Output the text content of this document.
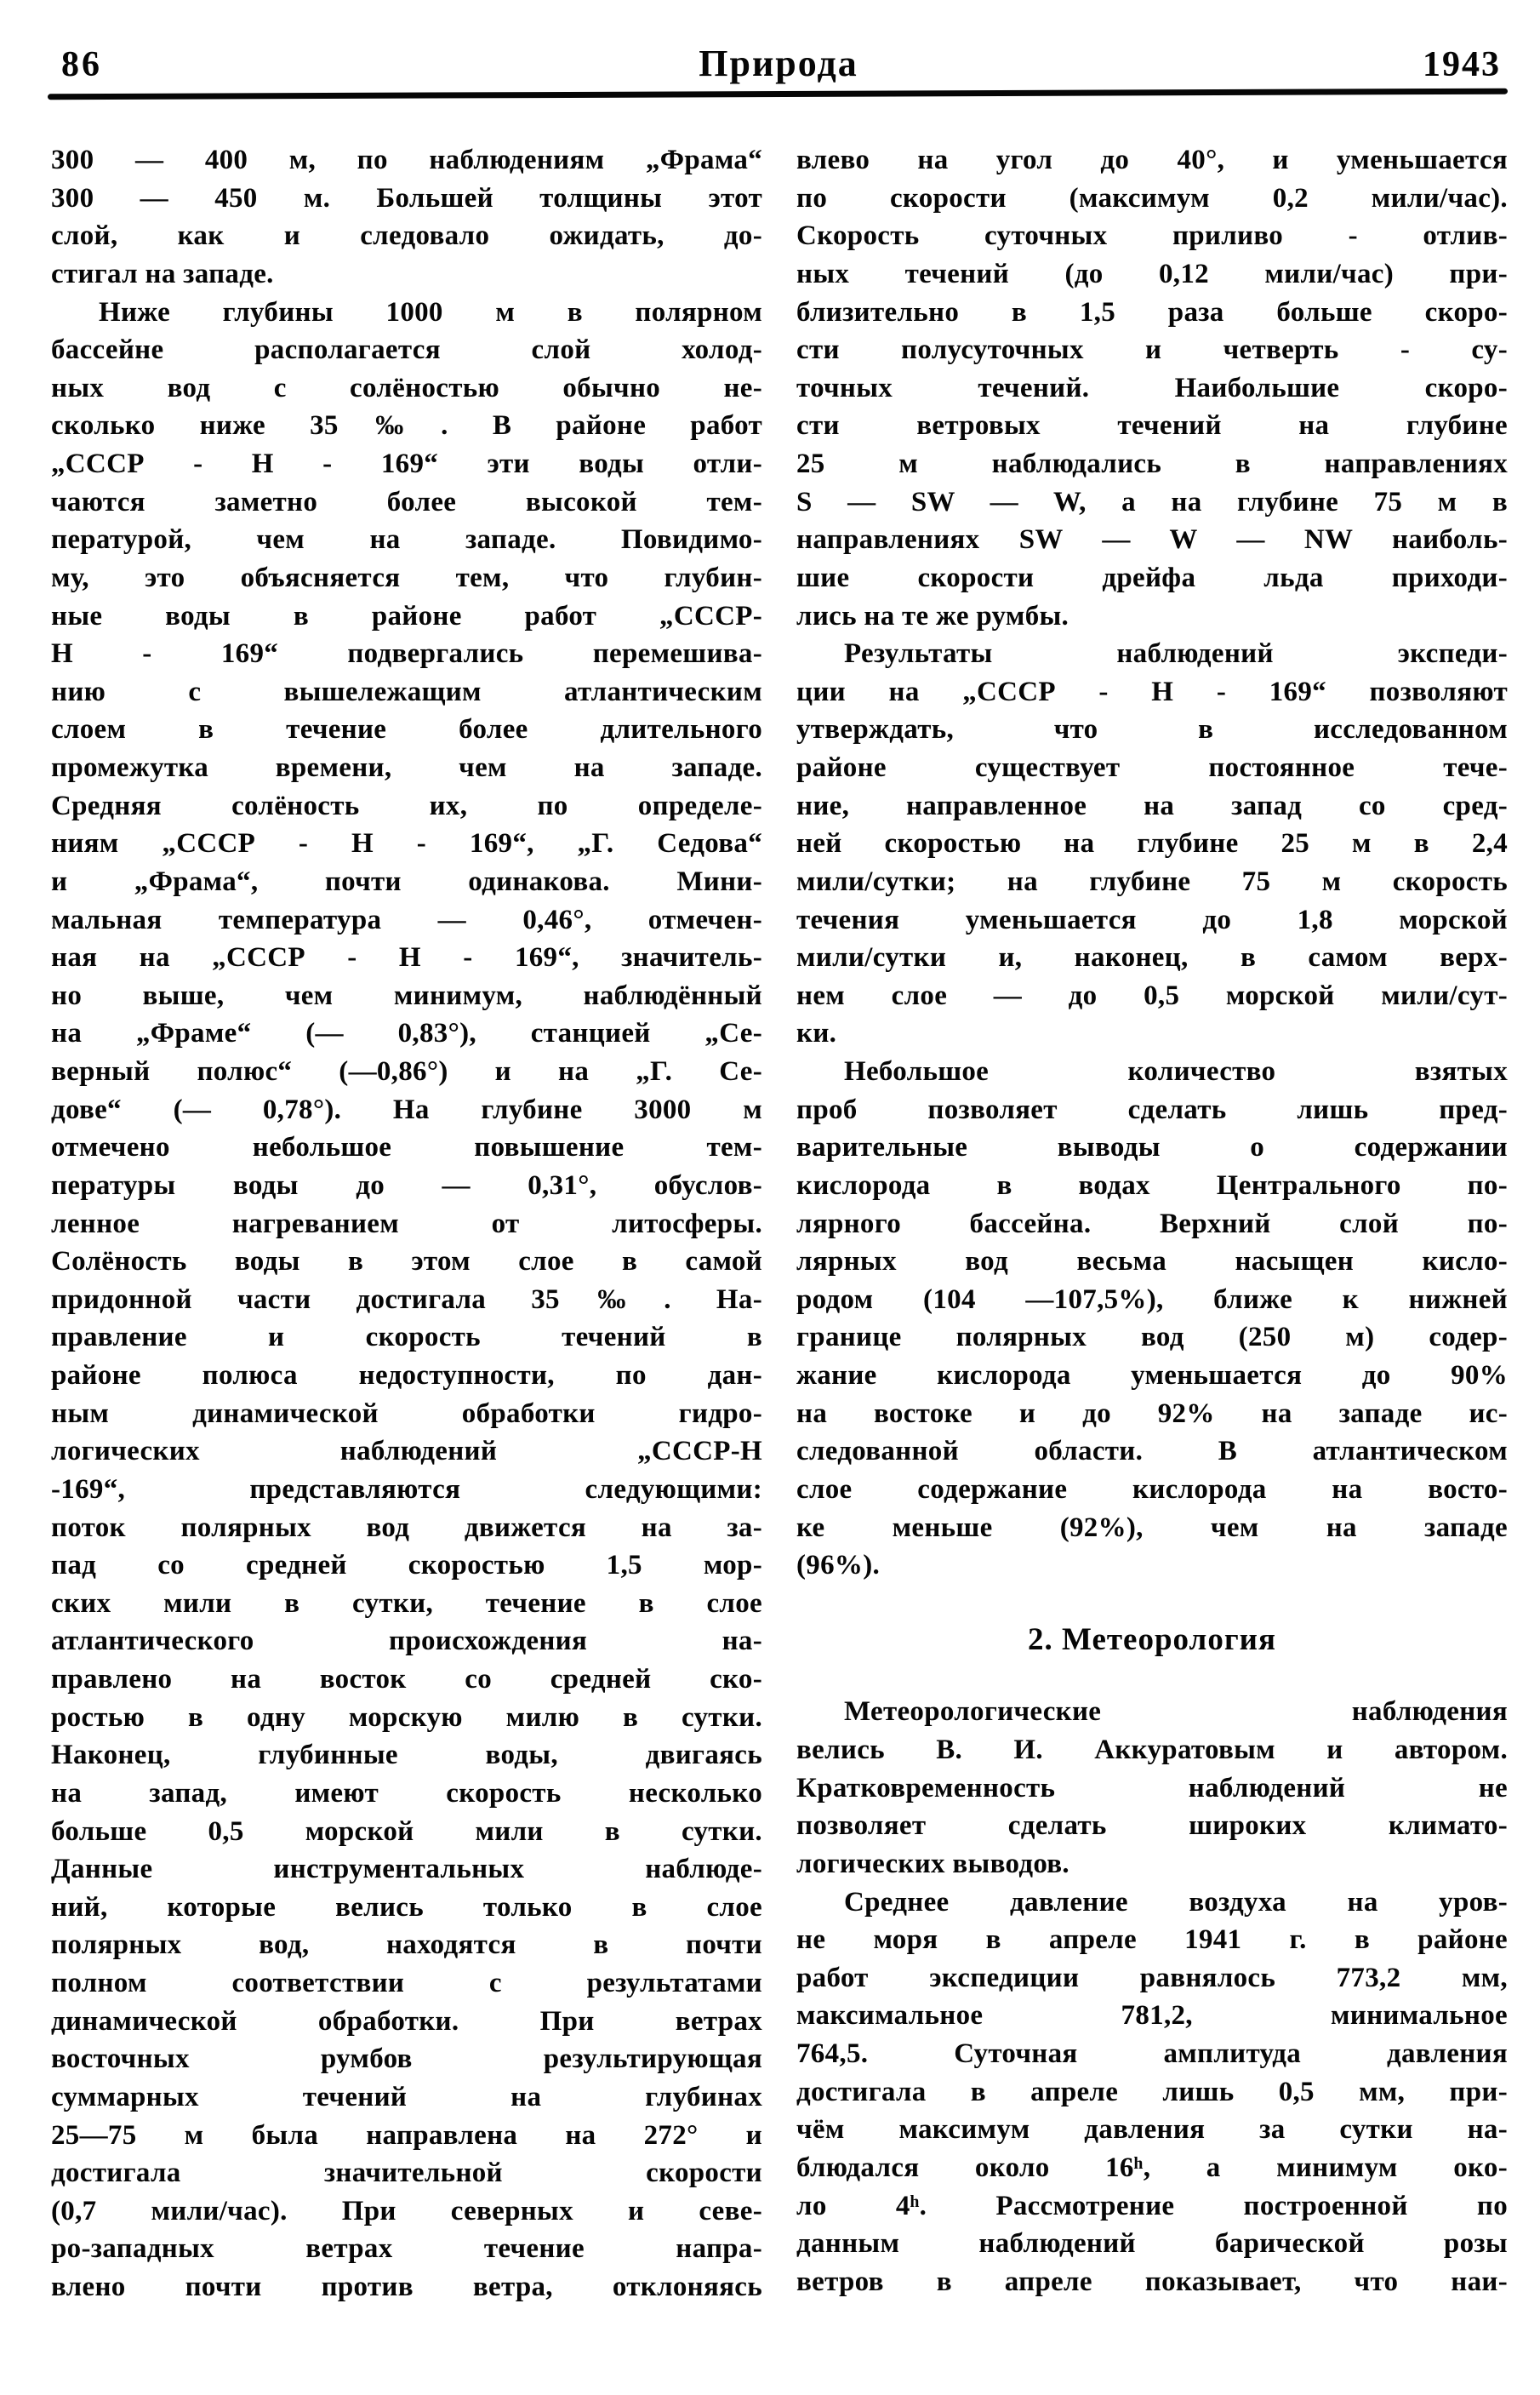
86	Природа	1943
300 — 400 м, по наблюдениям „Фрама“
300 — 450 м. Большей толщины этот
слой, как и следовало ожидать, до-
стигал на западе.
Ниже глубины 1000 м в полярном
бассейне располагается слой холод-
ных вод с солёностью обычно не-
сколько ниже 35‰. В районе работ
„СССР - Н - 169“ эти воды отли-
чаются заметно более высокой тем-
пературой, чем на западе. Повидимо-
му, это объясняется тем, что глубин-
ные воды в районе работ „СССР-
Н - 169“ подвергались перемешива-
нию с вышележащим атлантическим
слоем в течение более длительного
промежутка времени, чем на западе.
Средняя солёность их, по определе-
ниям „СССР - Н - 169“, „Г. Седова“
и „Фрама“, почти одинакова. Мини-
мальная температура — 0,46°, отмечен-
ная на „СССР - Н - 169“, значитель-
но выше, чем минимум, наблюдённый
на „Фраме“ (— 0,83°), станцией „Се-
верный полюс“ (—0,86°) и на „Г. Се-
дове“ (— 0,78°). На глубине 3000 м
отмечено небольшое повышение тем-
пературы воды до — 0,31°, обуслов-
ленное нагреванием от литосферы.
Солёность воды в этом слое в самой
придонной части достигала 35‰. На-
правление и скорость течений в
районе полюса недоступности, по дан-
ным динамической обработки гидро-
логических наблюдений „СССР-Н
-169“, представляются следующими:
поток полярных вод движется на за-
пад со средней скоростью 1,5 мор-
ских мили в сутки, течение в слое
атлантического происхождения на-
правлено на восток со средней ско-
ростью в одну морскую милю в сутки.
Наконец, глубинные воды, двигаясь
на запад, имеют скорость несколько
больше 0,5 морской мили в сутки.
Данные инструментальных наблюде-
ний, которые велись только в слое
полярных вод, находятся в почти
полном соответствии с результатами
динамической обработки. При ветрах
восточных румбов результирующая
суммарных течений на глубинах
25—75 м была направлена на 272° и
достигала значительной скорости
(0,7 мили/час). При северных и севе-
ро-западных ветрах течение напра-
влено почти против ветра, отклоняясь
влево на угол до 40°, и уменьшается
по скорости (максимум 0,2 мили/час).
Скорость суточных приливо - отлив-
ных течений (до 0,12 мили/час) при-
близительно в 1,5 раза больше скоро-
сти полусуточных и четверть - су-
точных течений. Наибольшие скоро-
сти ветровых течений на глубине
25 м наблюдались в направлениях
S — SW — W, а на глубине 75 м в
направлениях SW — W — NW наиболь-
шие скорости дрейфа льда приходи-
лись на те же румбы.
Результаты наблюдений экспеди-
ции на „СССР - Н - 169“ позволяют
утверждать, что в исследованном
районе существует постоянное тече-
ние, направленное на запад со сред-
ней скоростью на глубине 25 м в 2,4
мили/сутки; на глубине 75 м скорость
течения уменьшается до 1,8 морской
мили/сутки и, наконец, в самом верх-
нем слое — до 0,5 морской мили/сут-
ки.
Небольшое количество взятых
проб позволяет сделать лишь пред-
варительные выводы о содержании
кислорода в водах Центрального по-
лярного бассейна. Верхний слой по-
лярных вод весьма насыщен кисло-
родом (104 —107,5%), ближе к нижней
границе полярных вод (250 м) содер-
жание кислорода уменьшается до 90%
на востоке и до 92% на западе ис-
следованной области. В атлантическом
слое содержание кислорода на восто-
ке меньше (92%), чем на западе
(96%).
2. Метеорология
Метеорологические наблюдения
велись В. И. Аккуратовым и автором.
Кратковременность наблюдений не
позволяет сделать широких климато-
логических выводов.
Среднее давление воздуха на уров-
не моря в апреле 1941 г. в районе
работ экспедиции равнялось 773,2 мм,
максимальное 781,2, минимальное
764,5. Суточная амплитуда давления
достигала в апреле лишь 0,5 мм, при-
чём максимум давления за сутки на-
блюдался около 16ʰ, а минимум око-
ло 4ʰ. Рассмотрение построенной по
данным наблюдений барической розы
ветров в апреле показывает, что наи-
